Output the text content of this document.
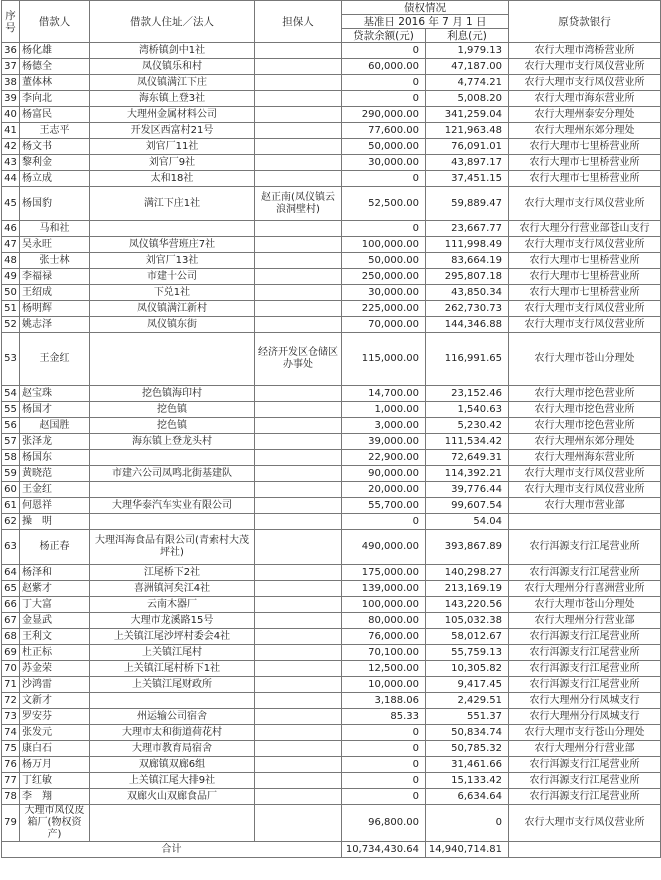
序号	借款人	借款人住址／法人	担保人	债权情况		原贷款银行
				基准日 2016 年 7 月 1 日		
				贷款余额(元)	利息(元)	
36	杨化雄	湾桥镇剑中1社		0	1,979.13	农行大理市湾桥营业所
37	杨德全	凤仪镇乐和村		60,000.00	47,187.00	农行大理市支行凤仪营业所
38	董体林	凤仪镇满江下庄		0	4,774.21	农行大理市支行凤仪营业所
39	李向北	海东镇上登3社		0	5,008.20	农行大理市海东营业所
40	杨富民	大理州金属材料公司		290,000.00	341,259.04	农行大理州泰安分理处
41	王志平	开发区西富村21号		77,600.00	121,963.48	农行大理州东郊分理处
42	杨文书	刘官厂11社		50,000.00	76,091.01	农行大理市七里桥营业所
43	黎利金	刘官厂9社		30,000.00	43,897.17	农行大理市七里桥营业所
44	杨立成	太和18社		0	37,451.15	农行大理市七里桥营业所
45	杨国豹	满江下庄1社	赵正南(凤仪镇云浪洞壁村)	52,500.00	59,889.47	农行大理市支行凤仪营业所
46	马和社			0	23,667.77	农行大理分行营业部苍山支行
47	吴永旺	凤仪镇华营班庄7社		100,000.00	111,998.49	农行大理市支行凤仪营业所
48	张士林	刘官厂13社		50,000.00	83,664.19	农行大理市七里桥营业所
49	李福禄	市建十公司		250,000.00	295,807.18	农行大理市七里桥营业所
50	王绍成	下兑1社		30,000.00	43,850.34	农行大理市七里桥营业所
51	杨明辉	凤仪镇满江新村		225,000.00	262,730.73	农行大理市支行凤仪营业所
52	姚志泽	凤仪镇东街		70,000.00	144,346.88	农行大理市支行凤仪营业所
53	王金红		经济开发区仓储区办事处	115,000.00	116,991.65	农行大理市苍山分理处
54	赵宝珠	挖色镇海印村		14,700.00	23,152.46	农行大理市挖色营业所
55	杨国才	挖色镇		1,000.00	1,540.63	农行大理市挖色营业所
56	赵国胜	挖色镇		3,000.00	5,230.42	农行大理市挖色营业所
57	张泽龙	海东镇上登龙头村		39,000.00	111,534.42	农行大理州东郊分理处
58	杨国东			22,900.00	72,649.31	农行大理州海东营业所
59	黄晓范	市建六公司凤鸣北街基建队		90,000.00	114,392.21	农行大理市支行凤仪营业所
60	王金红			20,000.00	39,776.44	农行大理市支行凤仪营业所
61	何恩祥	大理华泰汽车实业有限公司		55,700.00	99,607.54	农行大理市营业部
62	操　明			0	54.04	
63	杨正春	大理洱海食品有限公司(青索村大茂坪社)		490,000.00	393,867.89	农行洱源支行江尾营业所
64	杨泽和	江尾桥下2社		175,000.00	140,298.27	农行洱源支行江尾营业所
65	赵紫才	喜洲镇河矣江4社		139,000.00	213,169.19	农行大理州分行喜洲营业所
66	丁大富	云南木器厂		100,000.00	143,220.56	农行大理市苍山分理处
67	金显武	大理市龙溪路15号		80,000.00	105,032.38	农行大理州分行营业部
68	王利文	上关镇江尾沙坪村委会4社		76,000.00	58,012.67	农行洱源支行江尾营业所
69	杜正标	上关镇江尾村		70,100.00	55,759.13	农行洱源支行江尾营业所
70	苏金荣	上关镇江尾村桥下1社		12,500.00	10,305.82	农行洱源支行江尾营业所
71	沙鸿雷	上关镇江尾财政所		10,000.00	9,417.45	农行洱源支行江尾营业所
72	文新才			3,188.06	2,429.51	农行大理州分行凤城支行
73	罗安芬	州运输公司宿舍		85.33	551.37	农行大理州分行凤城支行
74	张发元	大理市太和街道荷花村		0	50,834.74	农行大理市支行苍山分理处
75	康白石	大理市教育局宿舍		0	50,785.32	农行大理州分行营业部
76	杨万月	双廊镇双廊6组		0	31,461.66	农行洱源支行江尾营业所
77	丁红敏	上关镇江尾大排9社		0	15,133.42	农行洱源支行江尾营业所
78	李　翔	双廊火山双廊食品厂		0	6,634.64	农行洱源支行江尾营业所
79	大理市凤仪皮箱厂(物权资产)			96,800.00	0	农行大理市支行凤仪营业所
合计				10,734,430.64	14,940,714.81	
